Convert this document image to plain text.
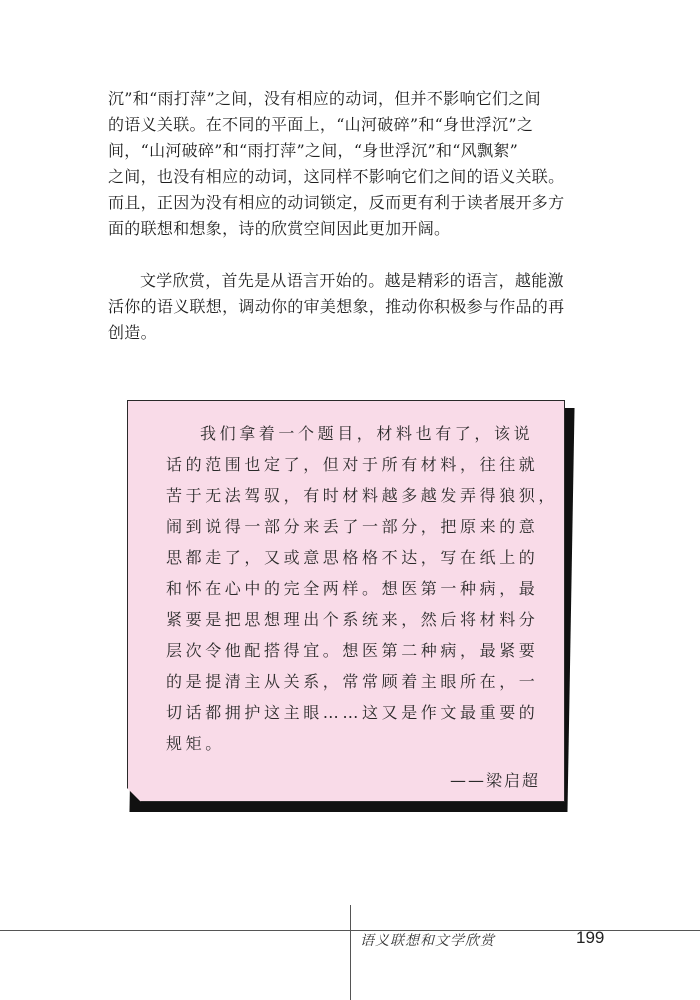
沉”和“雨打萍”之间，没有相应的动词，但并不影响它们之间
的语义关联。在不同的平面上，“山河破碎”和“身世浮沉”之
间，“山河破碎”和“雨打萍”之间，“身世浮沉”和“风飘絮”
之间，也没有相应的动词，这同样不影响它们之间的语义关联。
而且，正因为没有相应的动词锁定，反而更有利于读者展开多方
面的联想和想象，诗的欣赏空间因此更加开阔。
文学欣赏，首先是从语言开始的。越是精彩的语言，越能激
活你的语义联想，调动你的审美想象，推动你积极参与作品的再
创造。
我们拿着一个题目，材料也有了，该说
话的范围也定了，但对于所有材料，往往就
苦于无法驾驭，有时材料越多越发弄得狼狈，
闹到说得一部分来丢了一部分，把原来的意
思都走了，又或意思格格不达，写在纸上的
和怀在心中的完全两样。想医第一种病，最
紧要是把思想理出个系统来，然后将材料分
层次令他配搭得宜。想医第二种病，最紧要
的是提清主从关系，常常顾着主眼所在，一
切话都拥护这主眼……这又是作文最重要的
规矩。
——梁启超
语义联想和文学欣赏	199
